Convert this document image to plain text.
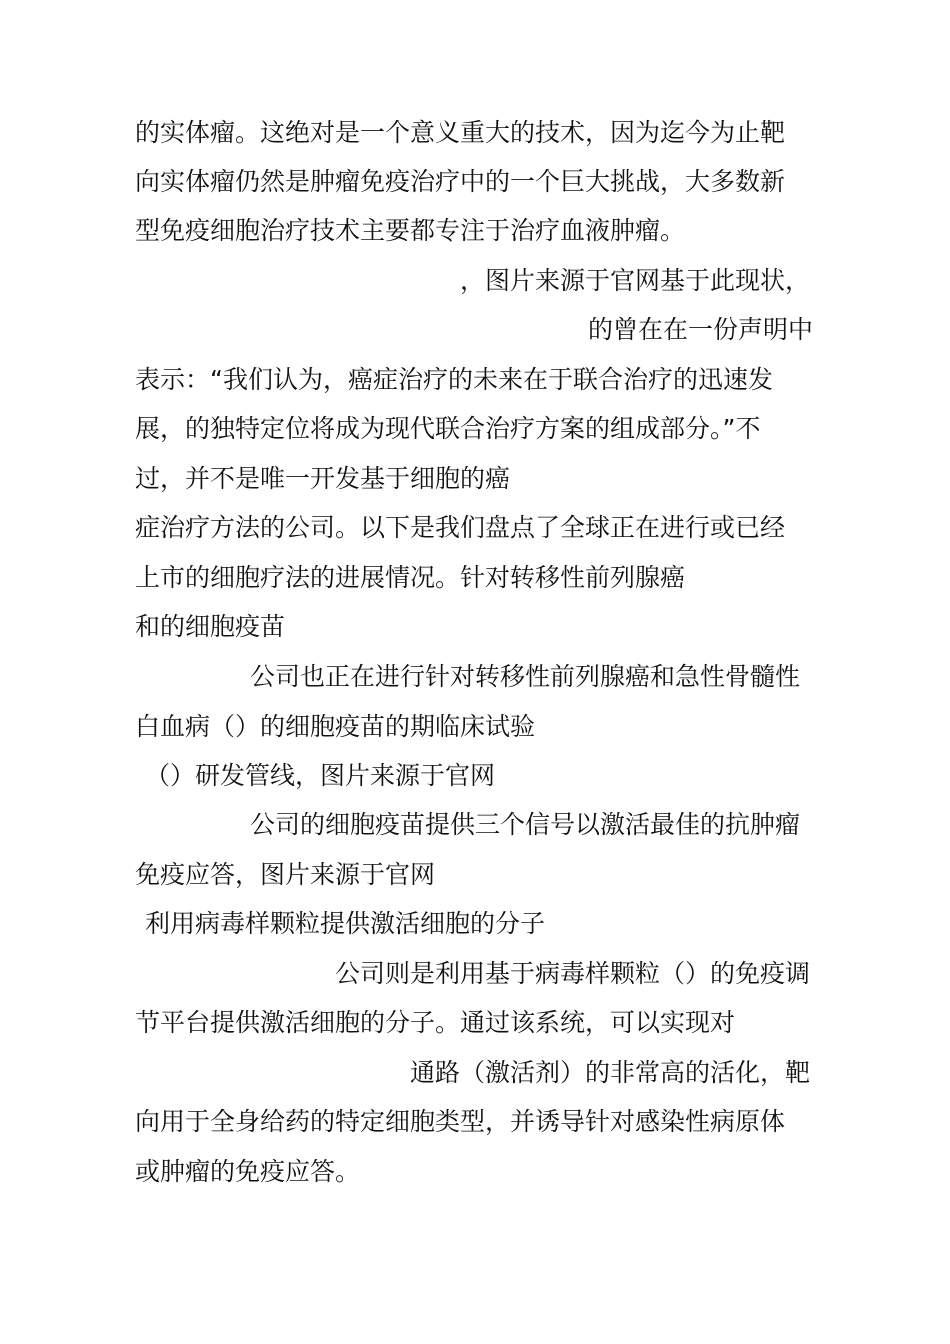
的实体瘤。这绝对是一个意义重大的技术，因为迄今为止靶
向实体瘤仍然是肿瘤免疫治疗中的一个巨大挑战，大多数新
型免疫细胞治疗技术主要都专注于治疗血液肿瘤。
，图片来源于官网基于此现状，
的曾在在一份声明中
表示：“我们认为，癌症治疗的未来在于联合治疗的迅速发
展，的独特定位将成为现代联合治疗方案的组成部分。”不
过，并不是唯一开发基于细胞的癌
症治疗方法的公司。以下是我们盘点了全球正在进行或已经
上市的细胞疗法的进展情况。针对转移性前列腺癌
和的细胞疫苗
公司也正在进行针对转移性前列腺癌和急性骨髓性
白血病（）的细胞疫苗的期临床试验
（）研发管线，图片来源于官网
公司的细胞疫苗提供三个信号以激活最佳的抗肿瘤
免疫应答，图片来源于官网
利用病毒样颗粒提供激活细胞的分子
公司则是利用基于病毒样颗粒（）的免疫调
节平台提供激活细胞的分子。通过该系统，可以实现对
通路（激活剂）的非常高的活化，靶
向用于全身给药的特定细胞类型，并诱导针对感染性病原体
或肿瘤的免疫应答。
